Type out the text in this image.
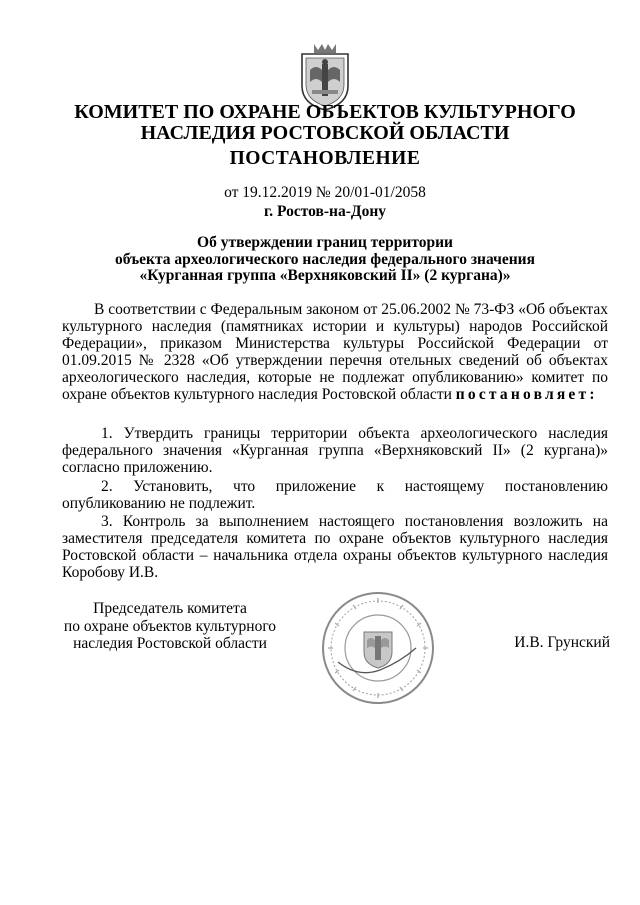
КОМИТЕТ ПО ОХРАНЕ ОБЪЕКТОВ КУЛЬТУРНОГО
НАСЛЕДИЯ РОСТОВСКОЙ ОБЛАСТИ
ПОСТАНОВЛЕНИЕ
от 19.12.2019 № 20/01-01/2058
г. Ростов-на-Дону
Об утверждении границ территории
объекта археологического наследия федерального значения
«Курганная группа «Верхняковский II» (2 кургана)»
В соответствии с Федеральным законом от 25.06.2002 № 73-ФЗ «Об объектах культурного наследия (памятниках истории и культуры) народов Российской Федерации», приказом Министерства культуры Российской Федерации от 01.09.2015 № 2328 «Об утверждении перечня отельных сведений об объектах археологического наследия, которые не подлежат опубликованию» комитет по охране объектов культурного наследия Ростовской области постановляет:
1. Утвердить границы территории объекта археологического наследия федерального значения «Курганная группа «Верхняковский II» (2 кургана)» согласно приложению.
2. Установить, что приложение к настоящему постановлению опубликованию не подлежит.
3. Контроль за выполнением настоящего постановления возложить на заместителя председателя комитета по охране объектов культурного наследия Ростовской области – начальника отдела охраны объектов культурного наследия Коробову И.В.
Председатель комитета
по охране объектов культурного
наследия Ростовской области	И.В. Грунский
